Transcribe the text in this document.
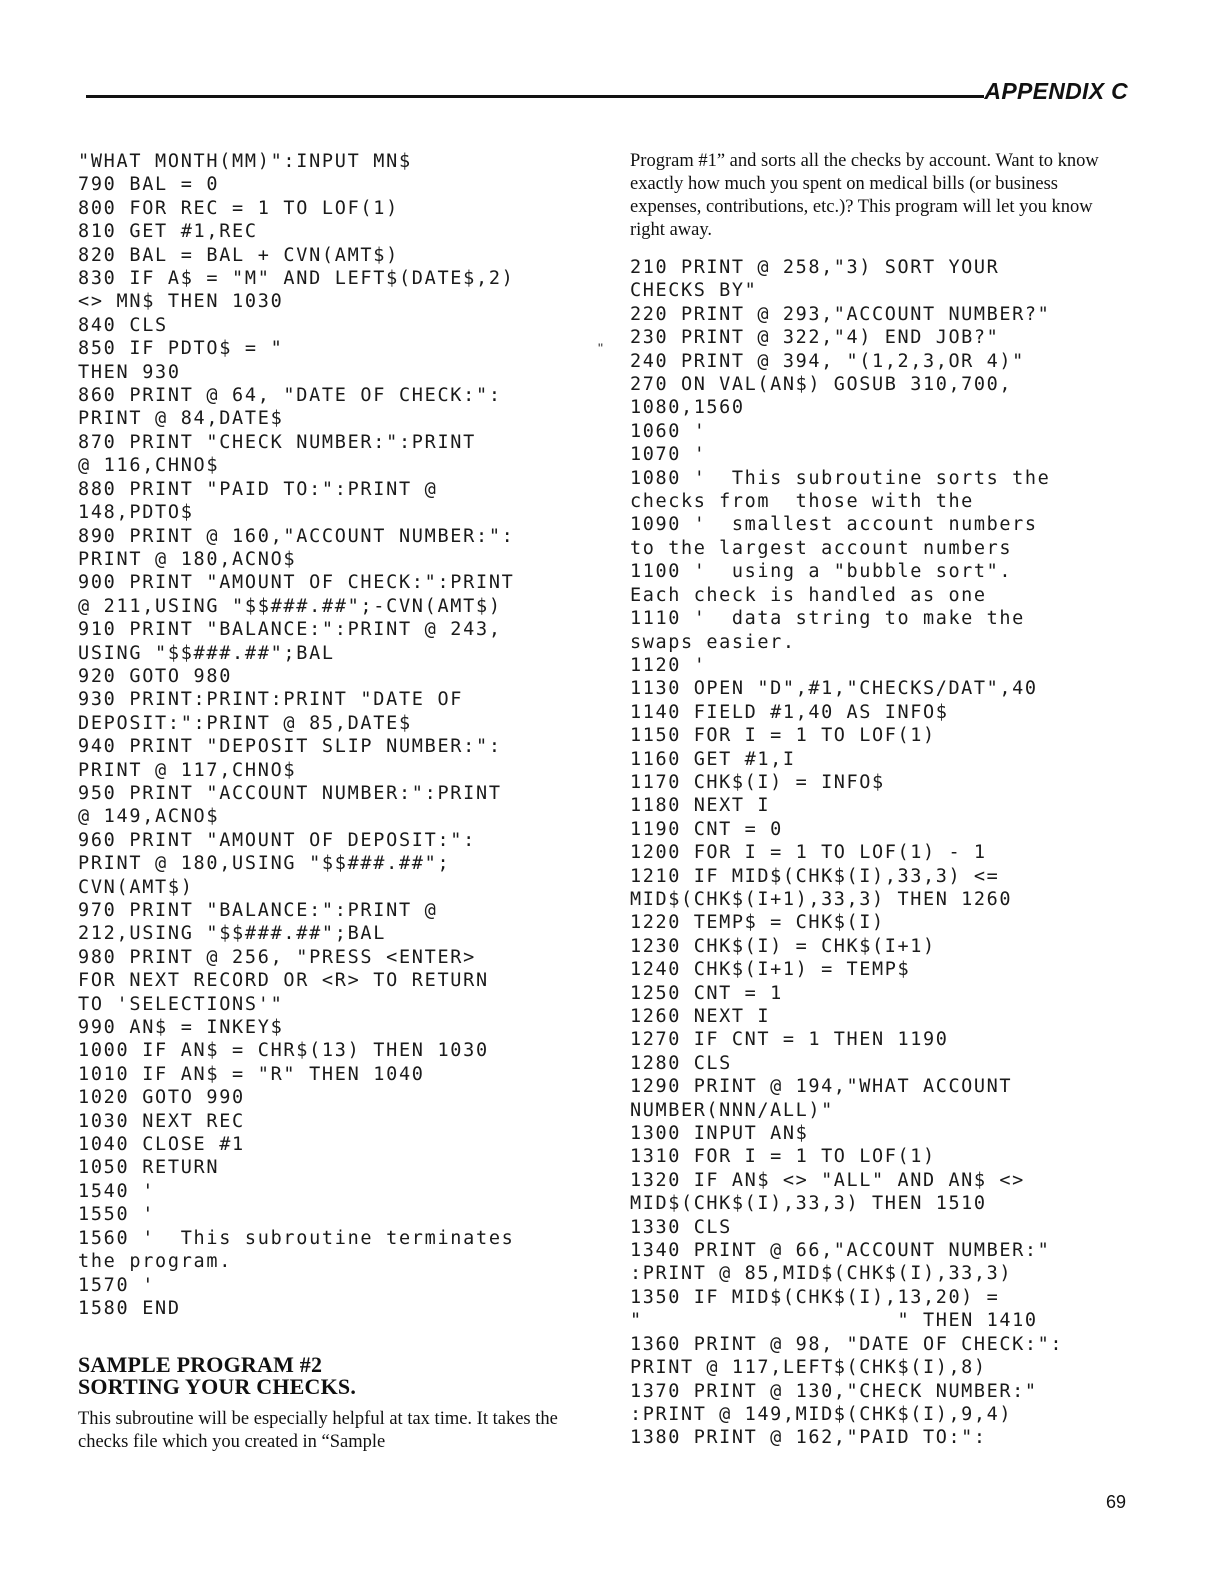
APPENDIX C
"WHAT MONTH(MM)":INPUT MN$
790 BAL = 0
800 FOR REC = 1 TO LOF(1)
810 GET #1,REC
820 BAL = BAL + CVN(AMT$)
830 IF A$ = "M" AND LEFT$(DATE$,2)
<> MN$ THEN 1030
840 CLS
850 IF PDTO$ = "
THEN 930
860 PRINT @ 64, "DATE OF CHECK:":
PRINT @ 84,DATE$
870 PRINT "CHECK NUMBER:":PRINT
@ 116,CHNO$
880 PRINT "PAID TO:":PRINT @
148,PDTO$
890 PRINT @ 160,"ACCOUNT NUMBER:":
PRINT @ 180,ACNO$
900 PRINT "AMOUNT OF CHECK:":PRINT
@ 211,USING "$$###.##";-CVN(AMT$)
910 PRINT "BALANCE:":PRINT @ 243,
USING "$$###.##";BAL
920 GOTO 980
930 PRINT:PRINT:PRINT "DATE OF
DEPOSIT:":PRINT @ 85,DATE$
940 PRINT "DEPOSIT SLIP NUMBER:":
PRINT @ 117,CHNO$
950 PRINT "ACCOUNT NUMBER:":PRINT
@ 149,ACNO$
960 PRINT "AMOUNT OF DEPOSIT:":
PRINT @ 180,USING "$$###.##";
CVN(AMT$)
970 PRINT "BALANCE:":PRINT @
212,USING "$$###.##";BAL
980 PRINT @ 256, "PRESS <ENTER>
FOR NEXT RECORD OR <R> TO RETURN
TO 'SELECTIONS'"
990 AN$ = INKEY$
1000 IF AN$ = CHR$(13) THEN 1030
1010 IF AN$ = "R" THEN 1040
1020 GOTO 990
1030 NEXT REC
1040 CLOSE #1
1050 RETURN
1540 '
1550 '
1560 '  This subroutine terminates
the program.
1570 '
1580 END
SAMPLE PROGRAM #2
SORTING YOUR CHECKS.

This subroutine will be especially helpful at tax time. It takes the checks file which you created in “Sample

Program #1” and sorts all the checks by account. Want to know exactly how much you spent on medical bills (or business expenses, contributions, etc.)? This program will let you know right away.

210 PRINT @ 258,"3) SORT YOUR
CHECKS BY"
220 PRINT @ 293,"ACCOUNT NUMBER?"
230 PRINT @ 322,"4) END JOB?"
240 PRINT @ 394, "(1,2,3,OR 4)"
270 ON VAL(AN$) GOSUB 310,700,
1080,1560
1060 '
1070 '
1080 '  This subroutine sorts the
checks from  those with the
1090 '  smallest account numbers
to the largest account numbers
1100 '  using a "bubble sort".
Each check is handled as one
1110 '  data string to make the
swaps easier.
1120 '
1130 OPEN "D",#1,"CHECKS/DAT",40
1140 FIELD #1,40 AS INFO$
1150 FOR I = 1 TO LOF(1)
1160 GET #1,I
1170 CHK$(I) = INFO$
1180 NEXT I
1190 CNT = 0
1200 FOR I = 1 TO LOF(1) - 1
1210 IF MID$(CHK$(I),33,3) <=
MID$(CHK$(I+1),33,3) THEN 1260
1220 TEMP$ = CHK$(I)
1230 CHK$(I) = CHK$(I+1)
1240 CHK$(I+1) = TEMP$
1250 CNT = 1
1260 NEXT I
1270 IF CNT = 1 THEN 1190
1280 CLS
1290 PRINT @ 194,"WHAT ACCOUNT
NUMBER(NNN/ALL)"
1300 INPUT AN$
1310 FOR I = 1 TO LOF(1)
1320 IF AN$ <> "ALL" AND AN$ <>
MID$(CHK$(I),33,3) THEN 1510
1330 CLS
1340 PRINT @ 66,"ACCOUNT NUMBER:"
:PRINT @ 85,MID$(CHK$(I),33,3)
1350 IF MID$(CHK$(I),13,20) =
"                    " THEN 1410
1360 PRINT @ 98, "DATE OF CHECK:":
PRINT @ 117,LEFT$(CHK$(I),8)
1370 PRINT @ 130,"CHECK NUMBER:"
:PRINT @ 149,MID$(CHK$(I),9,4)
1380 PRINT @ 162,"PAID TO:":
"
69
